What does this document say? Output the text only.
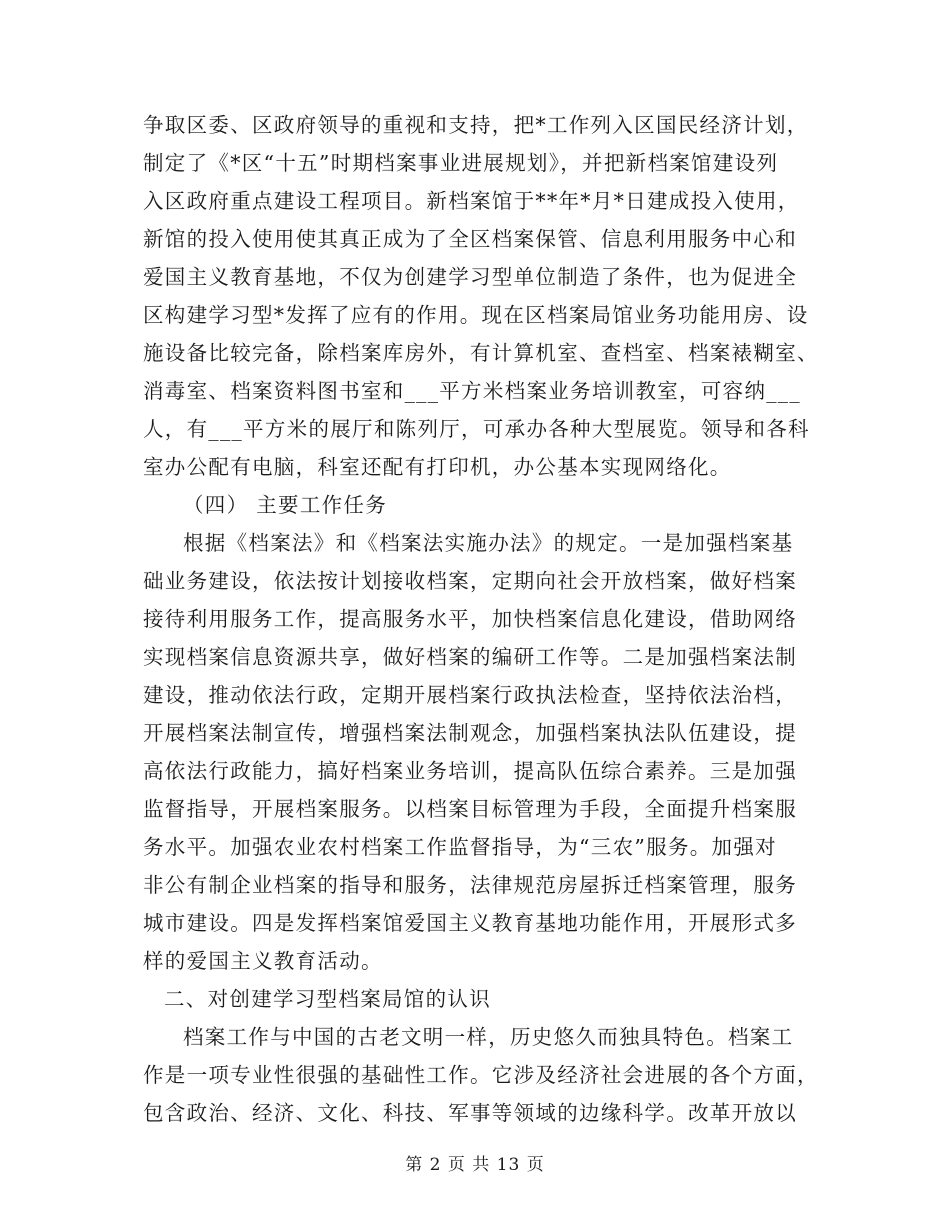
争取区委、区政府领导的重视和支持，把*工作列入区国民经济计划，
制定了《*区“十五”时期档案事业进展规划》，并把新档案馆建设列
入区政府重点建设工程项目。新档案馆于**年*月*日建成投入使用，
新馆的投入使用使其真正成为了全区档案保管、信息利用服务中心和
爱国主义教育基地，不仅为创建学习型单位制造了条件，也为促进全
区构建学习型*发挥了应有的作用。现在区档案局馆业务功能用房、设
施设备比较完备，除档案库房外，有计算机室、查档室、档案裱糊室、
消毒室、档案资料图书室和___平方米档案业务培训教室，可容纳___
人，有___平方米的展厅和陈列厅，可承办各种大型展览。领导和各科
室办公配有电脑，科室还配有打印机，办公基本实现网络化。
（四） 主要工作任务
根据《档案法》和《档案法实施办法》的规定。一是加强档案基
础业务建设，依法按计划接收档案，定期向社会开放档案，做好档案
接待利用服务工作，提高服务水平，加快档案信息化建设，借助网络
实现档案信息资源共享，做好档案的编研工作等。二是加强档案法制
建设，推动依法行政，定期开展档案行政执法检查，坚持依法治档，
开展档案法制宣传，增强档案法制观念，加强档案执法队伍建设，提
高依法行政能力，搞好档案业务培训，提高队伍综合素养。三是加强
监督指导，开展档案服务。以档案目标管理为手段，全面提升档案服
务水平。加强农业农村档案工作监督指导，为“三农”服务。加强对
非公有制企业档案的指导和服务，法律规范房屋拆迁档案管理，服务
城市建设。四是发挥档案馆爱国主义教育基地功能作用，开展形式多
样的爱国主义教育活动。
二、对创建学习型档案局馆的认识
档案工作与中国的古老文明一样，历史悠久而独具特色。档案工
作是一项专业性很强的基础性工作。它涉及经济社会进展的各个方面，
包含政治、经济、文化、科技、军事等领域的边缘科学。改革开放以
第 2 页 共 13 页
